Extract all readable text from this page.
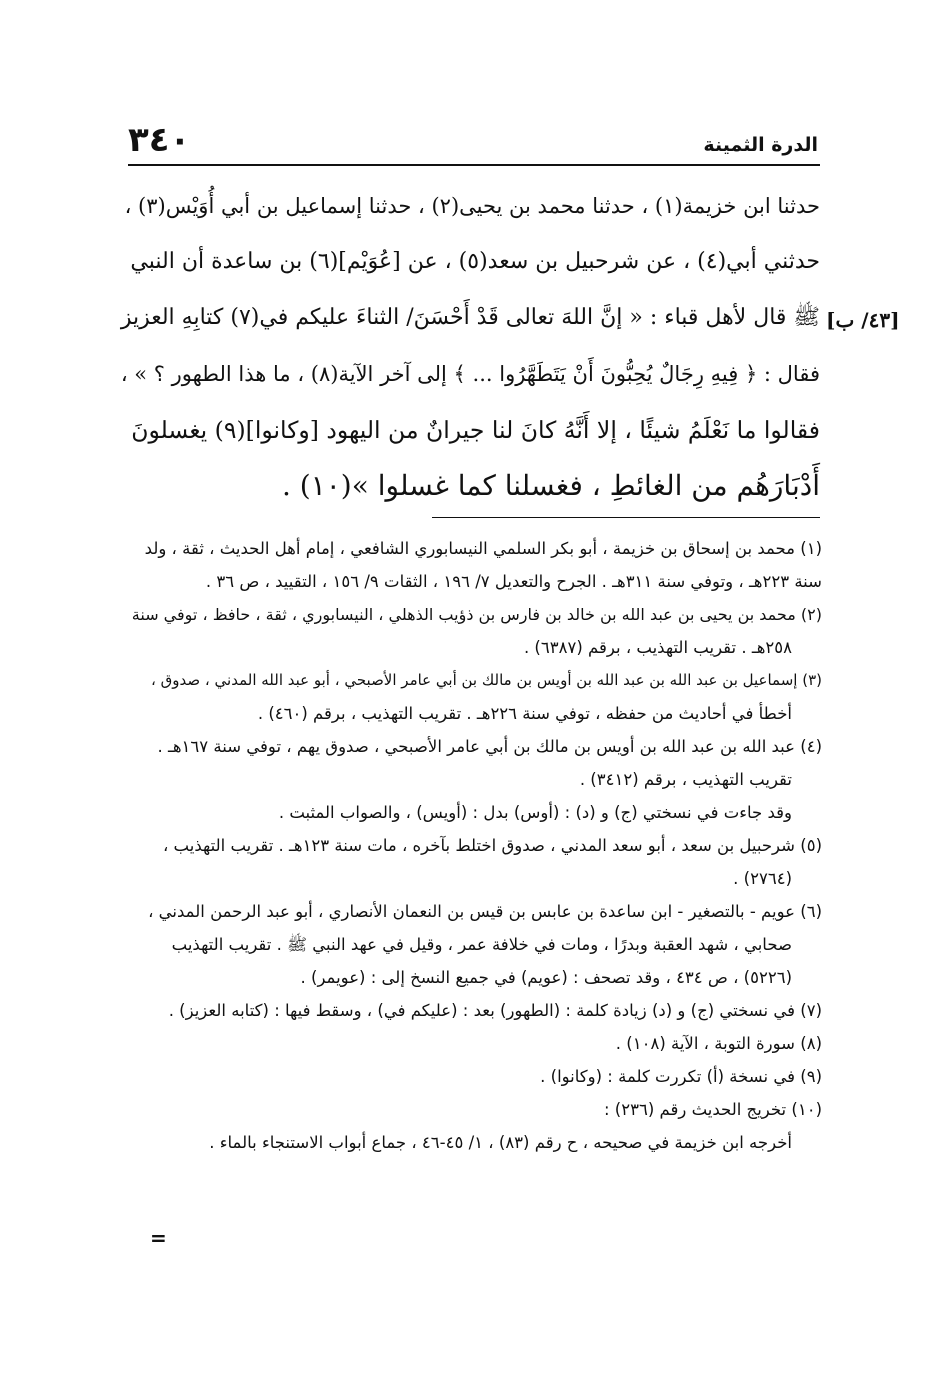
٣٤٠	الدرة الثمينة
[٤٣/ ب]
حدثنا ابن خزيمة(١) ، حدثنا محمد بن يحيى(٢) ، حدثنا إسماعيل بن أبي أُوَيْس(٣) ،
حدثني أبي(٤) ، عن شرحبيل بن سعد(٥) ، عن [عُوَيْم](٦) بن ساعدة أن النبي
ﷺ قال لأهل قباء : « إنَّ اللهَ تعالى قَدْ أَحْسَنَ/ الثناءَ عليكم في(٧) كتابِهِ العزيز
فقال : ﴿ فِيهِ رِجَالٌ يُحِبُّونَ أَنْ يَتَطَهَّرُوا ... ﴾ إلى آخر الآية(٨) ، ما هذا الطهور ؟ » ،
فقالوا ما نَعْلَمُ شيئًا ، إلا أَنَّهُ كانَ لنا جيرانٌ من اليهود [وكانوا](٩) يغسلونَ
أَدْبَارَهُم من الغائطِ ، فغسلنا كما غسلوا »(١٠) .
(١) محمد بن إسحاق بن خزيمة ، أبو بكر السلمي النيسابوري الشافعي ، إمام أهل الحديث ، ثقة ، ولد
سنة ٢٢٣هـ ، وتوفي سنة ٣١١هـ . الجرح والتعديل ٧/ ١٩٦ ، الثقات ٩/ ١٥٦ ، التقييد ، ص ٣٦ .
(٢) محمد بن يحيى بن عبد الله بن خالد بن فارس بن ذؤيب الذهلي ، النيسابوري ، ثقة ، حافظ ، توفي سنة
٢٥٨هـ . تقريب التهذيب ، برقم (٦٣٨٧) .
(٣) إسماعيل بن عبد الله بن عبد الله بن أويس بن مالك بن أبي عامر الأصبحي ، أبو عبد الله المدني ، صدوق ،
أخطأ في أحاديث من حفظه ، توفي سنة ٢٢٦هـ . تقريب التهذيب ، برقم (٤٦٠) .
(٤) عبد الله بن عبد الله بن أويس بن مالك بن أبي عامر الأصبحي ، صدوق يهم ، توفي سنة ١٦٧هـ .
تقريب التهذيب ، برقم (٣٤١٢) .
وقد جاءت في نسختي (ج) و (د) : (أوس) بدل : (أويس) ، والصواب المثبت .
(٥) شرحبيل بن سعد ، أبو سعد المدني ، صدوق اختلط بآخره ، مات سنة ١٢٣هـ . تقريب التهذيب ،
(٢٧٦٤) .
(٦) عويم - بالتصغير - ابن ساعدة بن عابس بن قيس بن النعمان الأنصاري ، أبو عبد الرحمن المدني ،
صحابي ، شهد العقبة وبدرًا ، ومات في خلافة عمر ، وقيل في عهد النبي ﷺ . تقريب التهذيب
(٥٢٢٦) ، ص ٤٣٤ ، وقد تصحف : (عويم) في جميع النسخ إلى : (عويمر) .
(٧) في نسختي (ج) و (د) زيادة كلمة : (الطهور) بعد : (عليكم في) ، وسقط فيها : (كتابه العزيز) .
(٨) سورة التوبة ، الآية (١٠٨) .
(٩) في نسخة (أ) تكررت كلمة : (وكانوا) .
(١٠) تخريج الحديث رقم (٢٣٦) :
أخرجه ابن خزيمة في صحيحه ، ح رقم (٨٣) ، ١/ ٤٥-٤٦ ، جماع أبواب الاستنجاء بالماء .
=
